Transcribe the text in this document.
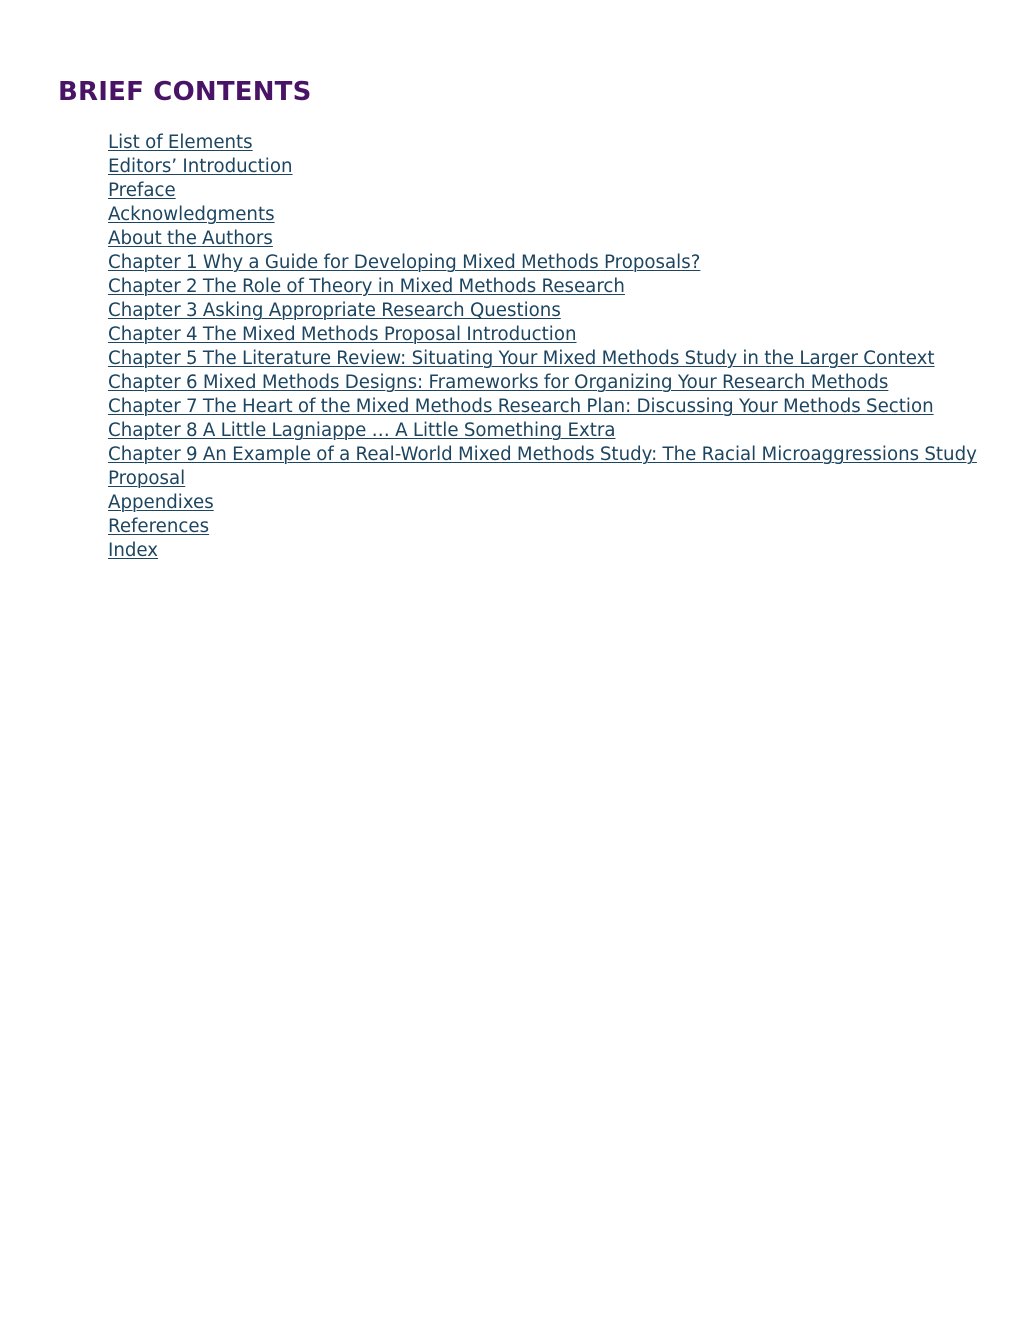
BRIEF CONTENTS
List of Elements
Editors’ Introduction
Preface
Acknowledgments
About the Authors
Chapter 1 Why a Guide for Developing Mixed Methods Proposals?
Chapter 2 The Role of Theory in Mixed Methods Research
Chapter 3 Asking Appropriate Research Questions
Chapter 4 The Mixed Methods Proposal Introduction
Chapter 5 The Literature Review: Situating Your Mixed Methods Study in the Larger Context
Chapter 6 Mixed Methods Designs: Frameworks for Organizing Your Research Methods
Chapter 7 The Heart of the Mixed Methods Research Plan: Discussing Your Methods Section
Chapter 8 A Little Lagniappe … A Little Something Extra
Chapter 9 An Example of a Real-World Mixed Methods Study: The Racial Microaggressions Study Proposal
Appendixes
References
Index
